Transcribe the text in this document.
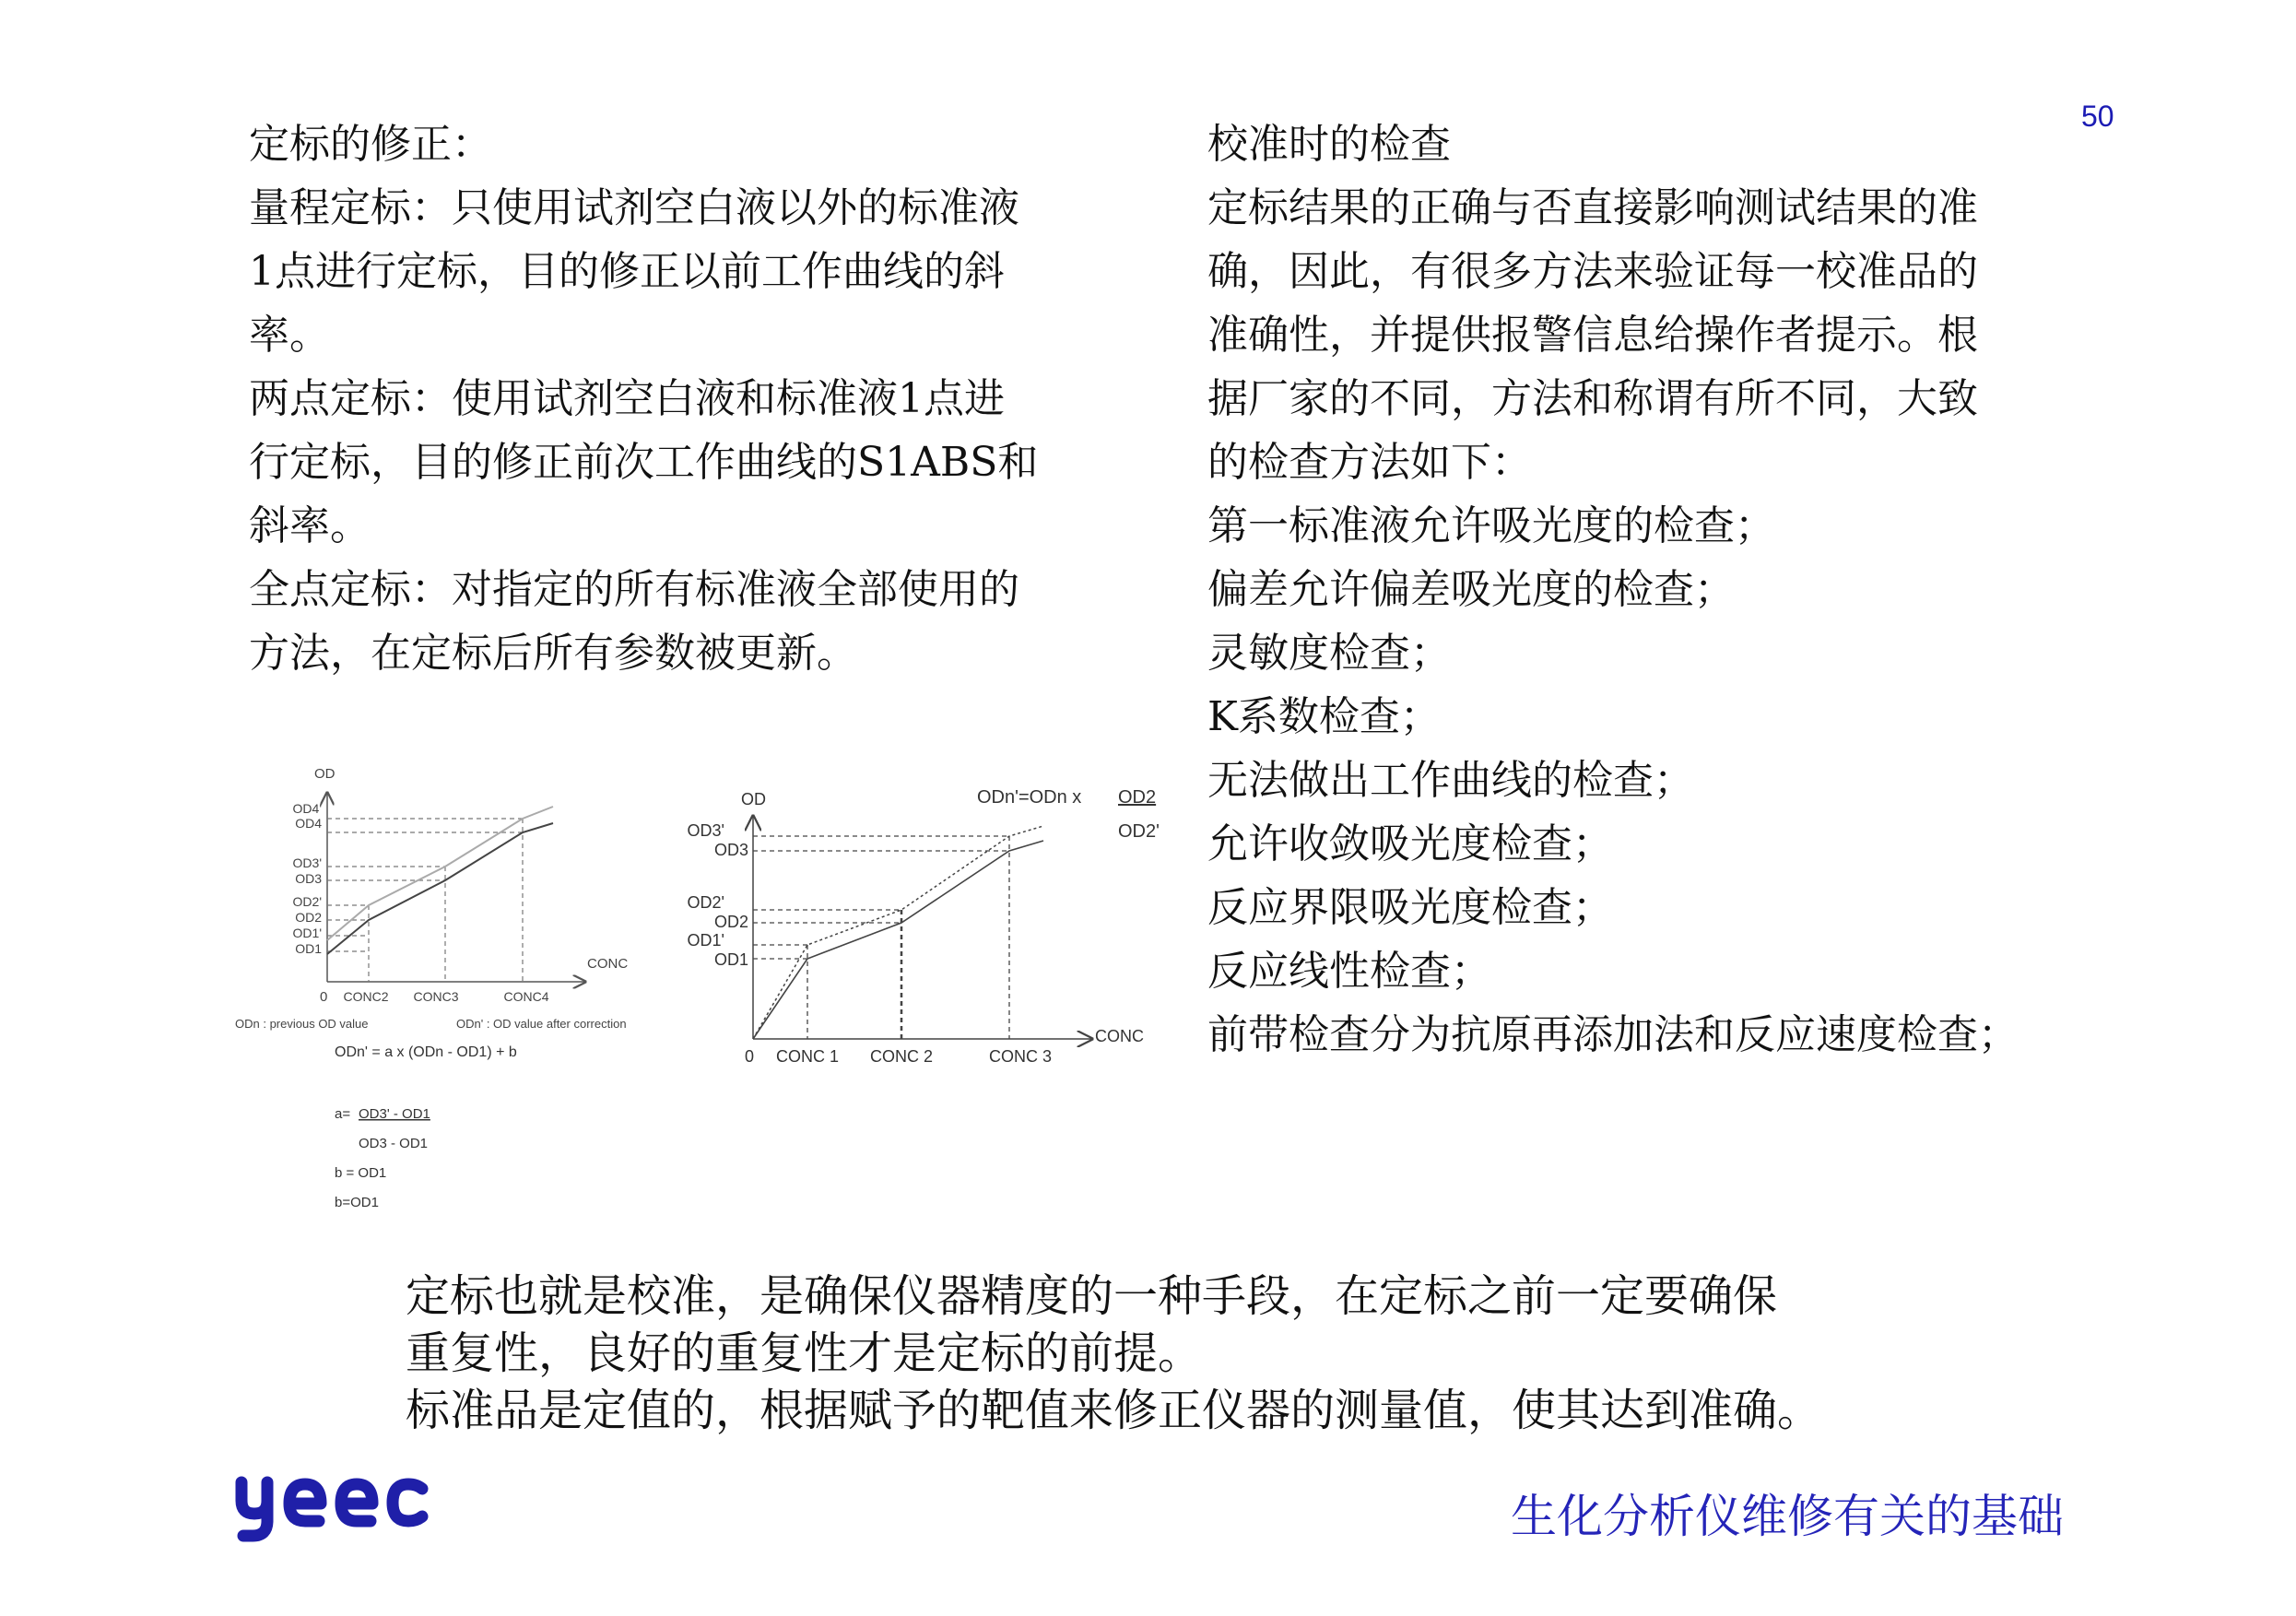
50
定标的修正：
量程定标：只使用试剂空白液以外的标准液
1点进行定标，目的修正以前工作曲线的斜
率。
两点定标：使用试剂空白液和标准液1点进
行定标，目的修正前次工作曲线的S1ABS和
斜率。
全点定标：对指定的所有标准液全部使用的
方法，在定标后所有参数被更新。
校准时的检查
定标结果的正确与否直接影响测试结果的准
确，因此，有很多方法来验证每一校准品的
准确性，并提供报警信息给操作者提示。根
据厂家的不同，方法和称谓有所不同，大致
的检查方法如下：
第一标准液允许吸光度的检查；
偏差允许偏差吸光度的检查；
灵敏度检查；
K系数检查；
无法做出工作曲线的检查；
允许收敛吸光度检查；
反应界限吸光度检查；
反应线性检查；
前带检查分为抗原再添加法和反应速度检查；
OD
CONC
0
OD4'
OD4
OD3'
OD3
OD2'
OD2
OD1'
OD1
CONC2 CONC3	CONC4
ODn : previous OD value	ODn' : OD value after correction
ODn' = a x (ODn - OD1) + b
a= OD3' - OD1
OD3 - OD1
b = OD1
b=OD1
OD
CONC
0
OD3'
OD3
OD2'
OD2
OD1'
OD1
CONC 1 CONC 2	CONC 3
ODn'=ODn x OD2
OD2'
定标也就是校准，是确保仪器精度的一种手段，在定标之前一定要确保
重复性，良好的重复性才是定标的前提。
标准品是定值的，根据赋予的靶值来修正仪器的测量值，使其达到准确。
生化分析仪维修有关的基础
